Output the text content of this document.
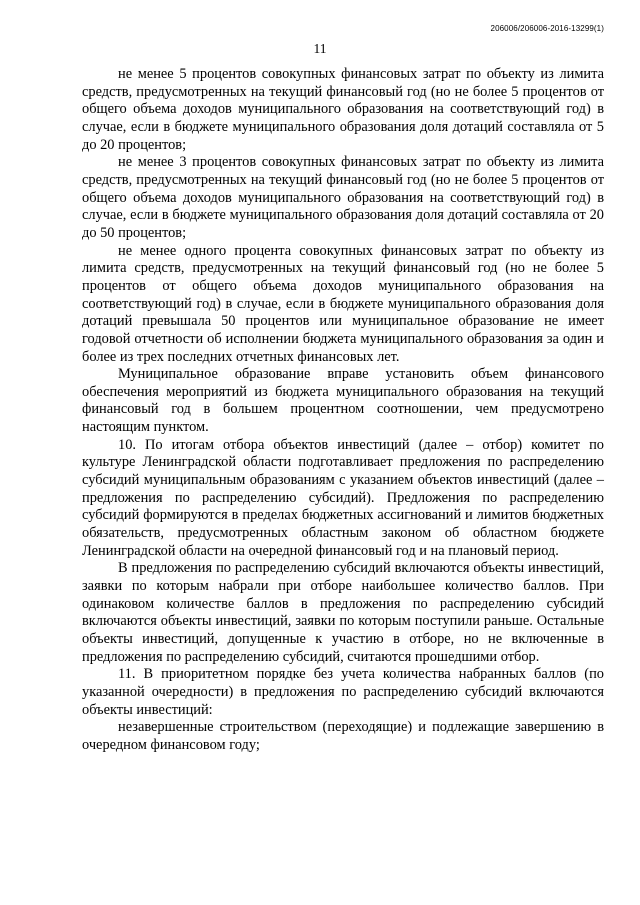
206006/206006-2016-13299(1)
11

не менее 5 процентов совокупных финансовых затрат по объекту из лимита средств, предусмотренных на текущий финансовый год (но не более 5 процентов от общего объема доходов муниципального образования на соответствующий год) в случае, если в бюджете муниципального образования доля дотаций составляла от 5 до 20 процентов;

не менее 3 процентов совокупных финансовых затрат по объекту из лимита средств, предусмотренных на текущий финансовый год (но не более 5 процентов от общего объема доходов муниципального образования на соответствующий год) в случае, если в бюджете муниципального образования доля дотаций составляла от 20 до 50 процентов;

не менее одного процента совокупных финансовых затрат по объекту из лимита средств, предусмотренных на текущий финансовый год (но не более 5 процентов от общего объема доходов муниципального образования на соответствующий год) в случае, если в бюджете муниципального образования доля дотаций превышала 50 процентов или муниципальное образование не имеет годовой отчетности об исполнении бюджета муниципального образования за один и более из трех последних отчетных финансовых лет.

Муниципальное образование вправе установить объем финансового обеспечения мероприятий из бюджета муниципального образования на текущий финансовый год в большем процентном соотношении, чем предусмотрено настоящим пунктом.

10. По итогам отбора объектов инвестиций (далее – отбор) комитет по культуре Ленинградской области подготавливает предложения по распределению субсидий муниципальным образованиям с указанием объектов инвестиций (далее – предложения по распределению субсидий). Предложения по распределению субсидий формируются в пределах бюджетных ассигнований и лимитов бюджетных обязательств, предусмотренных областным законом об областном бюджете Ленинградской области на очередной финансовый год и на плановый период.

В предложения по распределению субсидий включаются объекты инвестиций, заявки по которым набрали при отборе наибольшее количество баллов. При одинаковом количестве баллов в предложения по распределению субсидий включаются объекты инвестиций, заявки по которым поступили раньше. Остальные объекты инвестиций, допущенные к участию в отборе, но не включенные в предложения по распределению субсидий, считаются прошедшими отбор.

11. В приоритетном порядке без учета количества набранных баллов (по указанной очередности) в предложения по распределению субсидий включаются объекты инвестиций:

незавершенные строительством (переходящие) и подлежащие завершению в очередном финансовом году;
